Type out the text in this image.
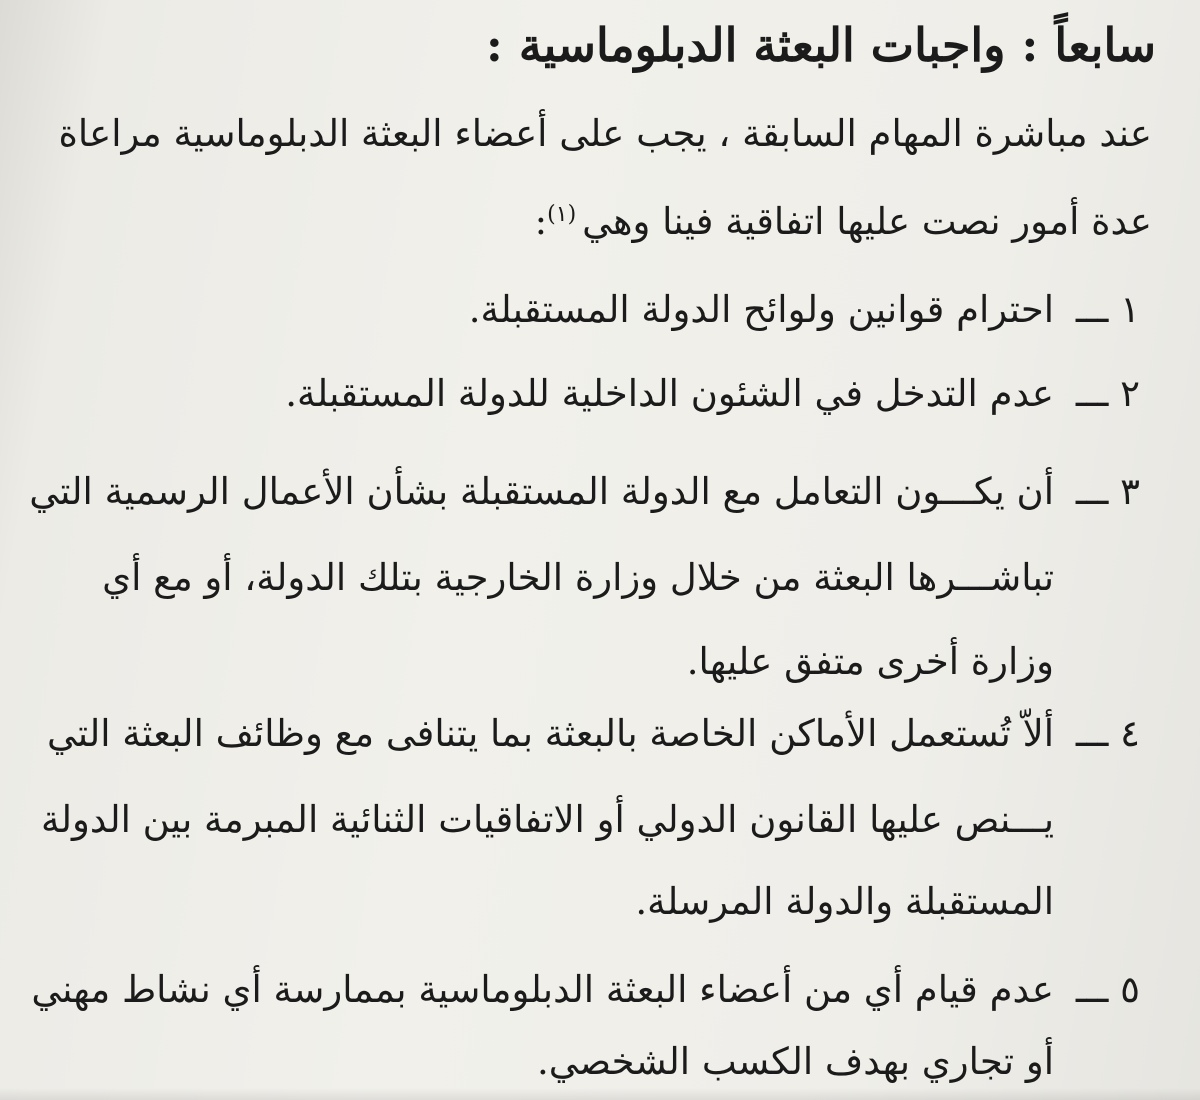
سابعاً : واجبات البعثة الدبلوماسية :
عند مباشرة المهام السابقة ، يجب على أعضاء البعثة الدبلوماسية مراعاة
عدة أمور نصت عليها اتفاقية فينا وهي$^{(١)}$:
١ ـــاحترام قوانين ولوائح الدولة المستقبلة.
٢ ـــعدم التدخل في الشئون الداخلية للدولة المستقبلة.
٣ ـــأن يكـــون التعامل مع الدولة المستقبلة بشأن الأعمال الرسمية التي
تباشـــرها البعثة من خلال وزارة الخارجية بتلك الدولة، أو مع أي
وزارة أخرى متفق عليها.
٤ ـــألاّ تُستعمل الأماكن الخاصة بالبعثة بما يتنافى مع وظائف البعثة التي
يـــنص عليها القانون الدولي أو الاتفاقيات الثنائية المبرمة بين الدولة
المستقبلة والدولة المرسلة.
٥ ـــعدم قيام أي من أعضاء البعثة الدبلوماسية بممارسة أي نشاط مهني
أو تجاري بهدف الكسب الشخصي.
